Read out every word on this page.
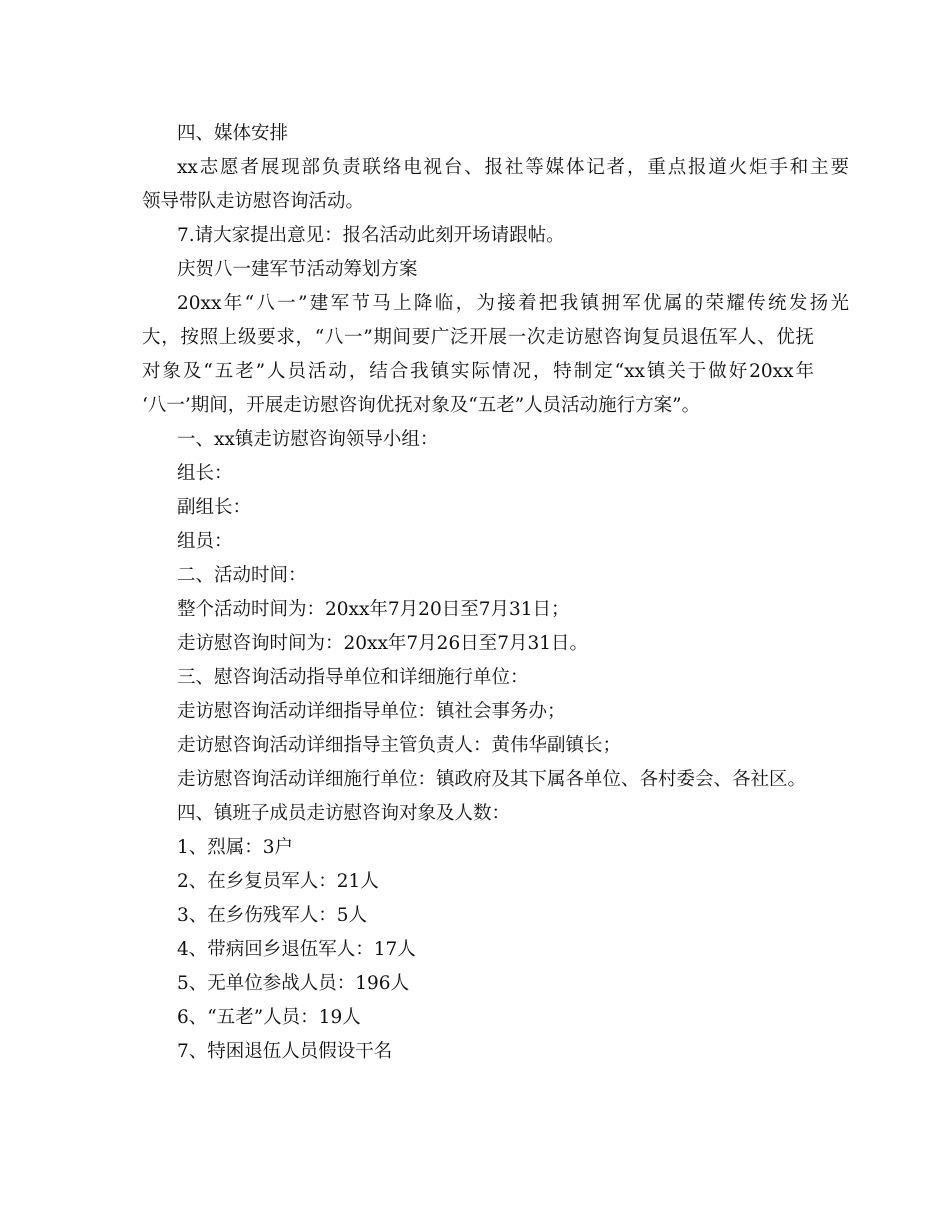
四、媒体安排
xx志愿者展现部负责联络电视台、报社等媒体记者，重点报道火炬手和主要
领导带队走访慰咨询活动。
7.请大家提出意见：报名活动此刻开场请跟帖。
庆贺八一建军节活动筹划方案
20xx年“八一”建军节马上降临，为接着把我镇拥军优属的荣耀传统发扬光
大，按照上级要求，“八一”期间要广泛开展一次走访慰咨询复员退伍军人、优抚
对象及“五老”人员活动，结合我镇实际情况，特制定“xx镇关于做好20xx年
‘八一’期间，开展走访慰咨询优抚对象及“五老”人员活动施行方案”。
一、xx镇走访慰咨询领导小组：
组长：
副组长：
组员：
二、活动时间：
整个活动时间为：20xx年7月20日至7月31日；
走访慰咨询时间为：20xx年7月26日至7月31日。
三、慰咨询活动指导单位和详细施行单位：
走访慰咨询活动详细指导单位：镇社会事务办；
走访慰咨询活动详细指导主管负责人：黄伟华副镇长；
走访慰咨询活动详细施行单位：镇政府及其下属各单位、各村委会、各社区。
四、镇班子成员走访慰咨询对象及人数：
1、烈属：3户
2、在乡复员军人：21人
3、在乡伤残军人：5人
4、带病回乡退伍军人：17人
5、无单位参战人员：196人
6、“五老”人员：19人
7、特困退伍人员假设干名
